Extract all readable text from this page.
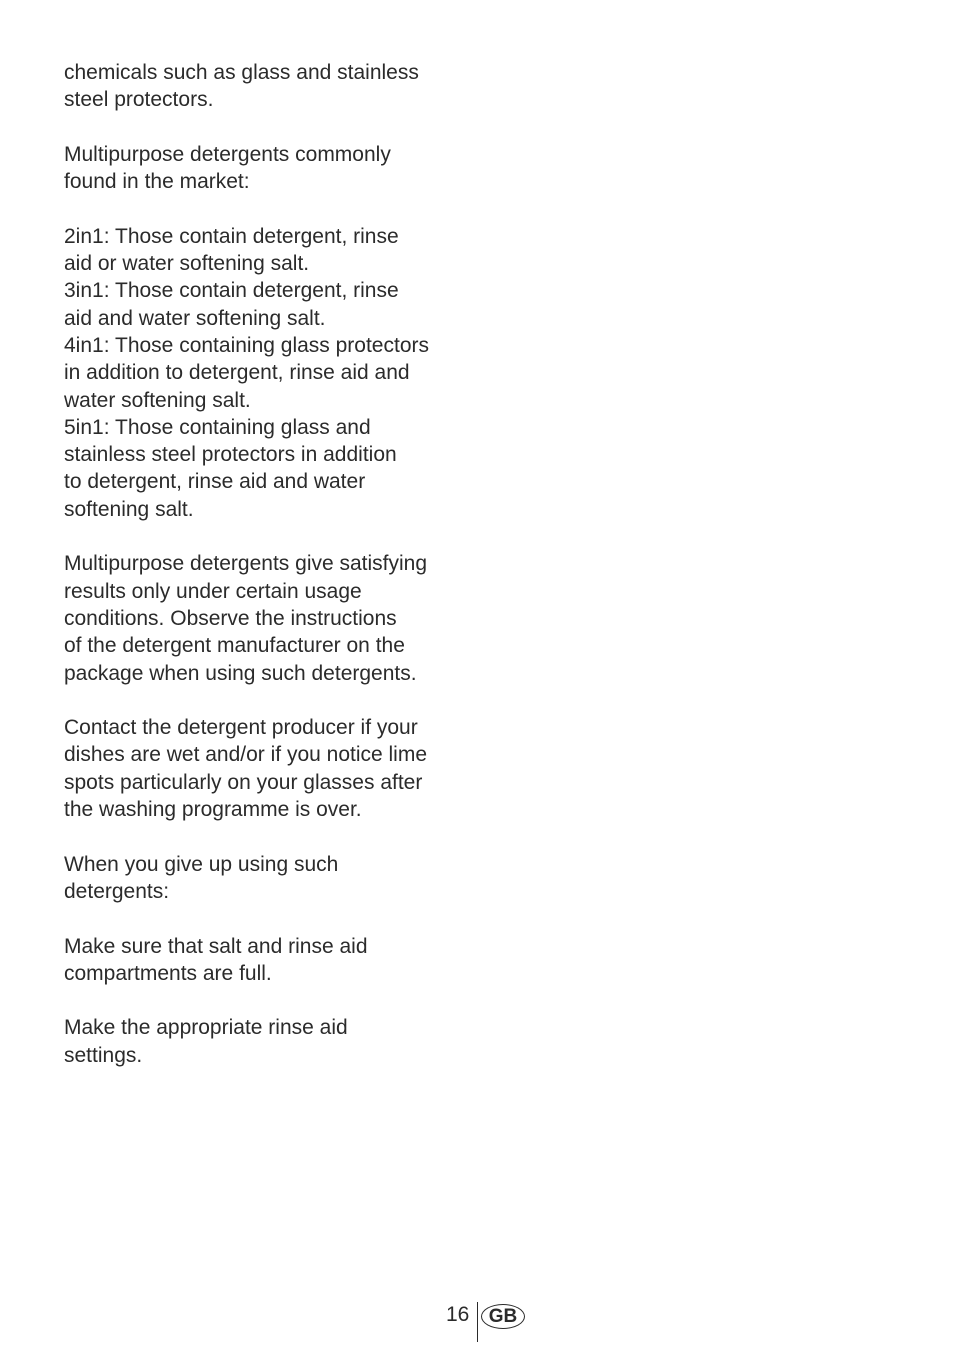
chemicals such as glass and stainless
steel protectors.

Multipurpose detergents commonly
found in the market:

2in1: Those contain detergent, rinse
aid or water softening salt.
3in1: Those contain detergent, rinse
aid and water softening salt.
4in1: Those containing glass protectors
in addition to detergent, rinse aid and
water softening salt.
5in1: Those containing glass and
stainless steel protectors in addition
to detergent, rinse aid and water
softening salt.

Multipurpose detergents give satisfying
results only under certain usage
conditions. Observe the instructions
of the detergent manufacturer on the
package when using such detergents.

Contact the detergent producer if your
dishes are wet and/or if you notice lime
spots particularly on your glasses after
the washing programme is over.

When you give up using such
detergents:

Make sure that salt and rinse aid
compartments are full.

Make the appropriate rinse aid
settings.

16	GB
